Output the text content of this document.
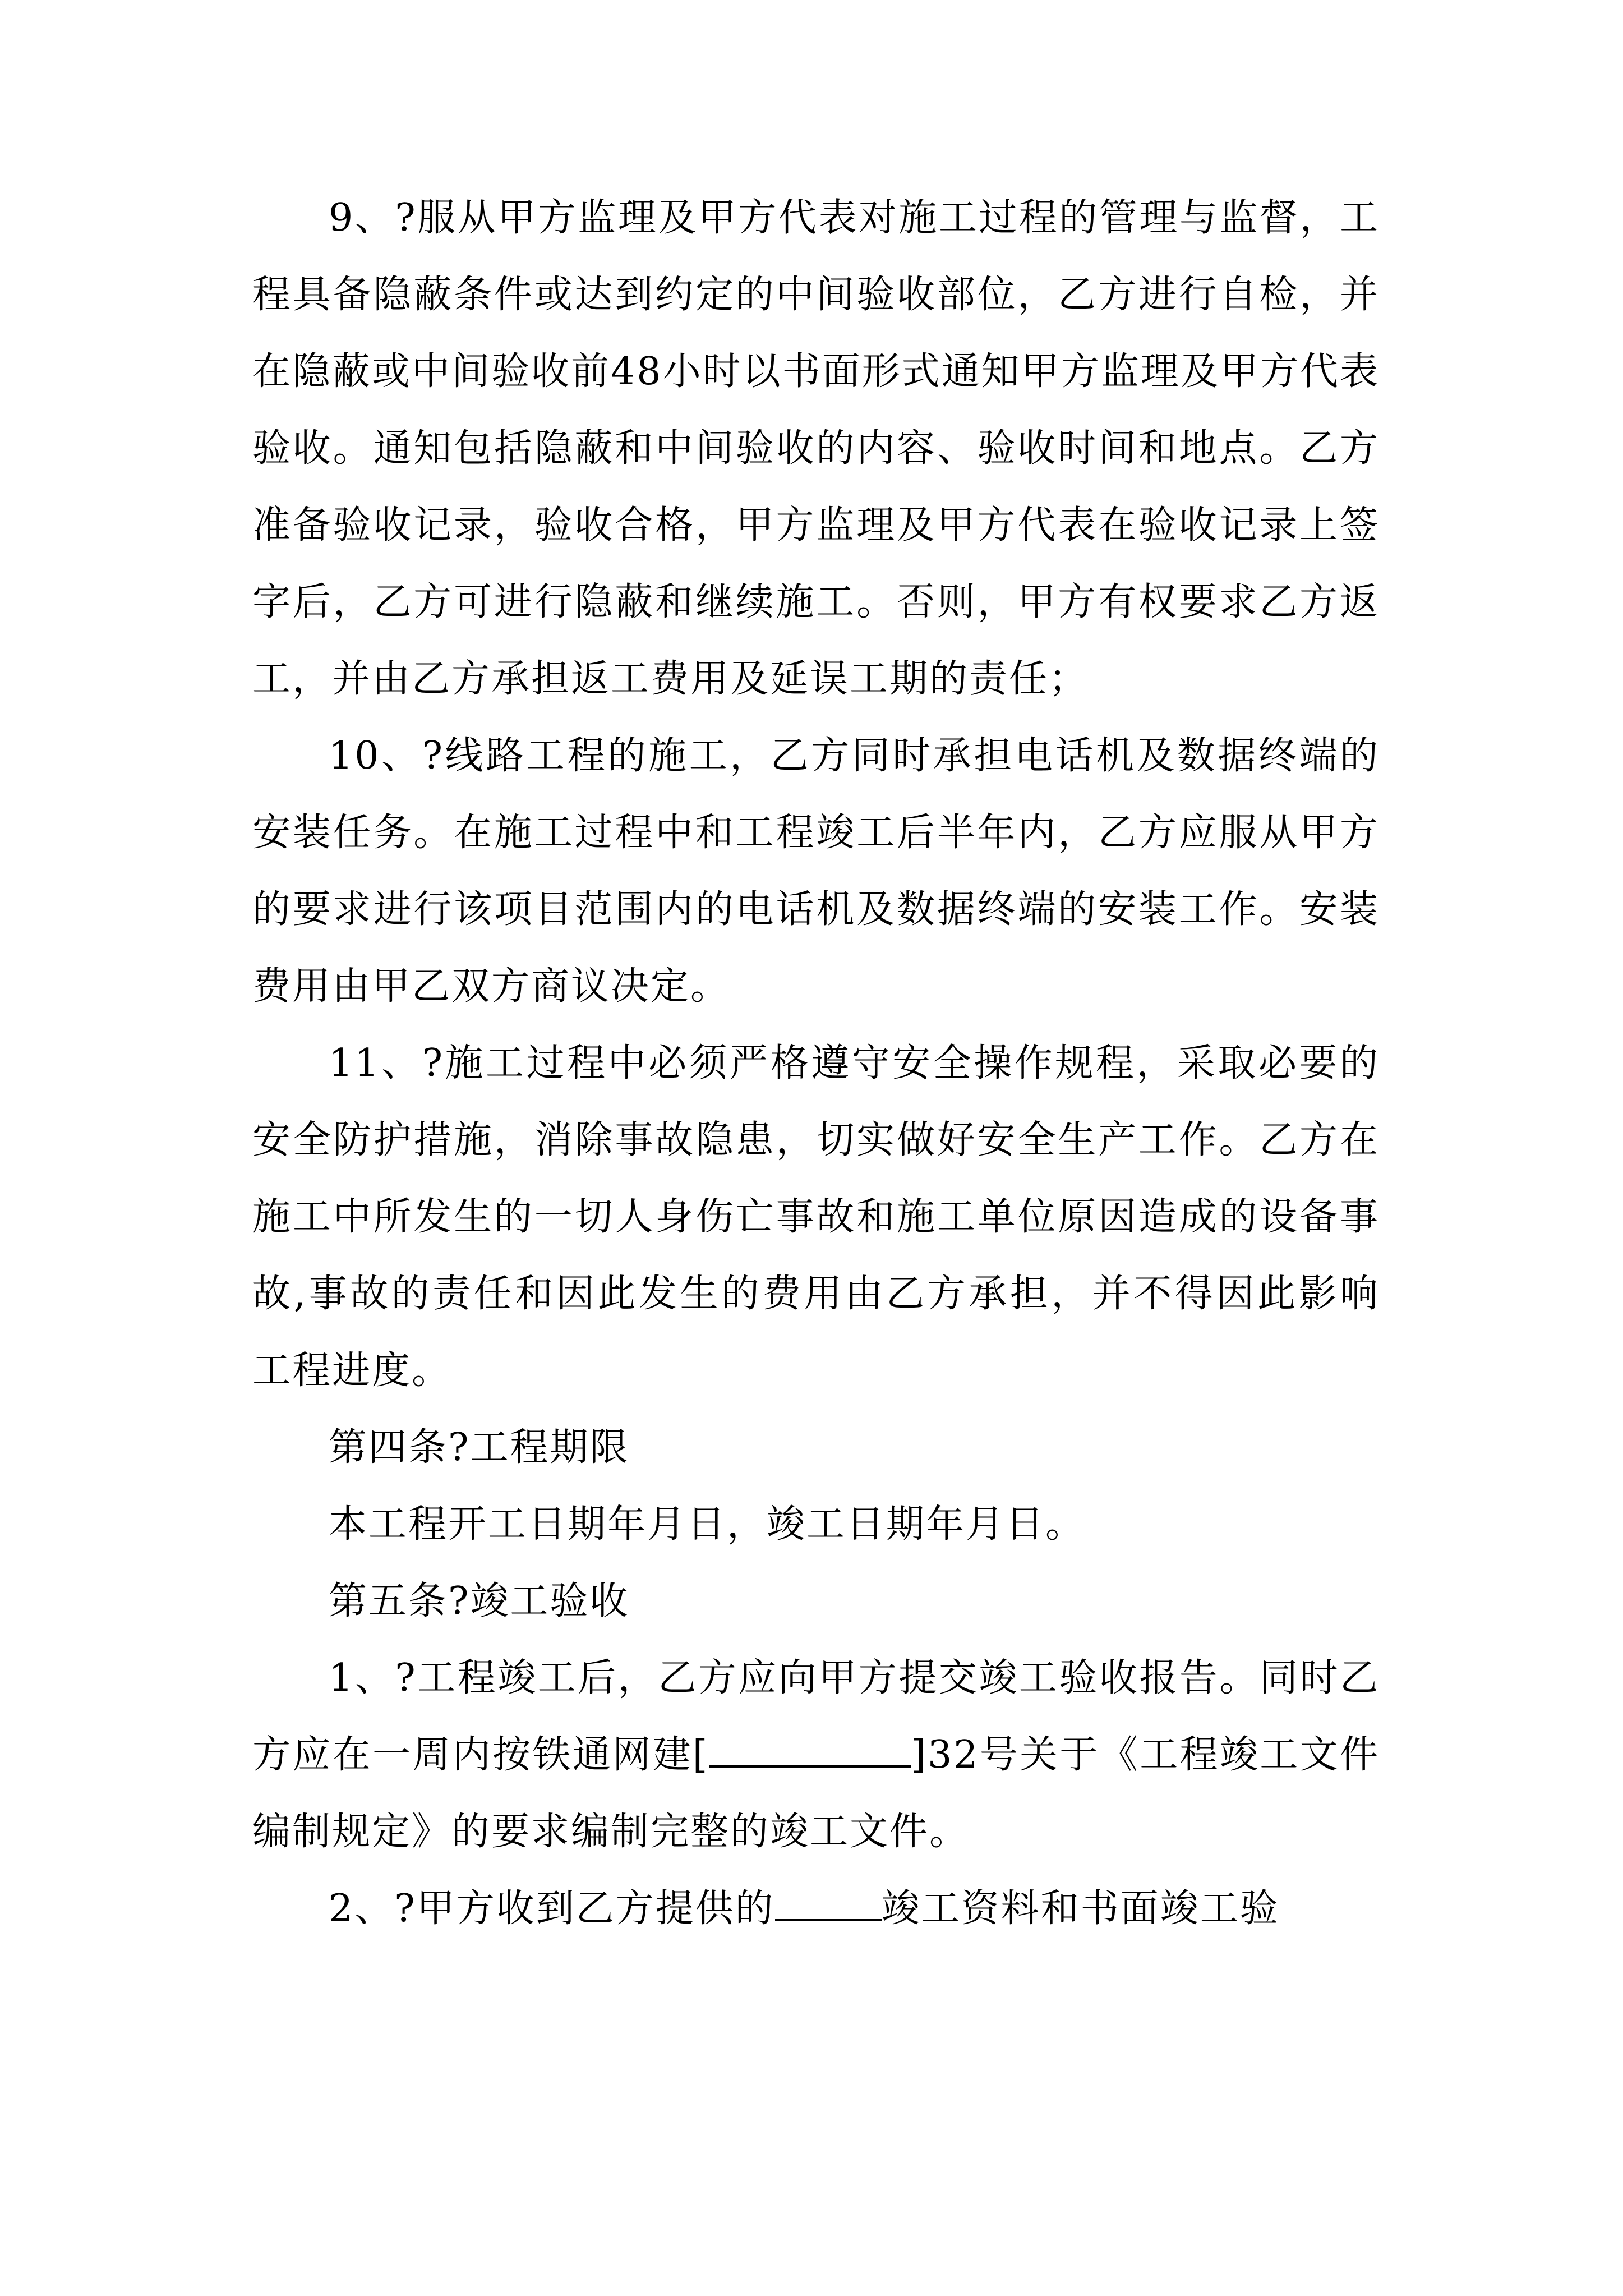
9、?服从甲方监理及甲方代表对施工过程的管理与监督，工程具备隐蔽条件或达到约定的中间验收部位，乙方进行自检，并在隐蔽或中间验收前48小时以书面形式通知甲方监理及甲方代表验收。通知包括隐蔽和中间验收的内容、验收时间和地点。乙方准备验收记录，验收合格，甲方监理及甲方代表在验收记录上签字后，乙方可进行隐蔽和继续施工。否则，甲方有权要求乙方返工，并由乙方承担返工费用及延误工期的责任；

10、?线路工程的施工，乙方同时承担电话机及数据终端的安装任务。在施工过程中和工程竣工后半年内，乙方应服从甲方的要求进行该项目范围内的电话机及数据终端的安装工作。安装费用由甲乙双方商议决定。

11、?施工过程中必须严格遵守安全操作规程，采取必要的安全防护措施，消除事故隐患，切实做好安全生产工作。乙方在施工中所发生的一切人身伤亡事故和施工单位原因造成的设备事故,事故的责任和因此发生的费用由乙方承担，并不得因此影响工程进度。

第四条?工程期限

本工程开工日期年月日，竣工日期年月日。

第五条?竣工验收

1、?工程竣工后，乙方应向甲方提交竣工验收报告。同时乙方应在一周内按铁通网建[	]32号关于《工程竣工文件编制规定》的要求编制完整的竣工文件。

2、?甲方收到乙方提供的	竣工资料和书面竣工验
